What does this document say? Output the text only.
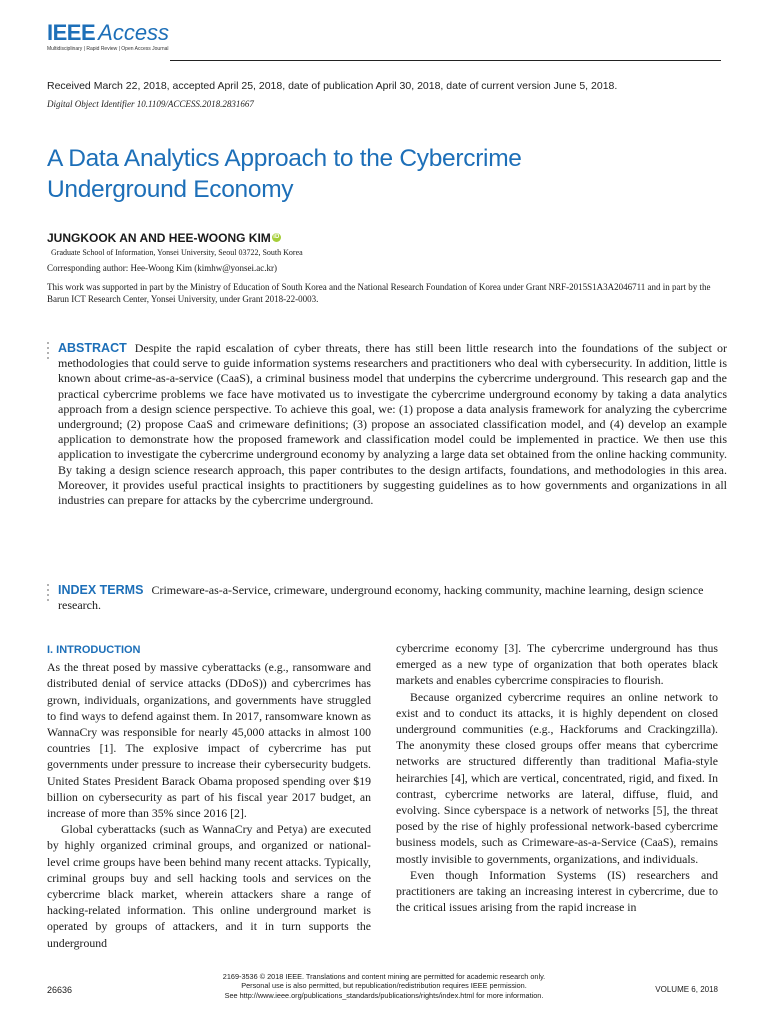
IEEE Access
Multidisciplinary | Rapid Review | Open Access Journal
Received March 22, 2018, accepted April 25, 2018, date of publication April 30, 2018, date of current version June 5, 2018.
Digital Object Identifier 10.1109/ACCESS.2018.2831667
A Data Analytics Approach to the Cybercrime
Underground Economy
JUNGKOOK AN AND HEE-WOONG KIM iD
Graduate School of Information, Yonsei University, Seoul 03722, South Korea
Corresponding author: Hee-Woong Kim (kimhw@yonsei.ac.kr)
This work was supported in part by the Ministry of Education of South Korea and the National Research Foundation of Korea under Grant NRF-2015S1A3A2046711 and in part by the Barun ICT Research Center, Yonsei University, under Grant 2018-22-0003.
ABSTRACT Despite the rapid escalation of cyber threats, there has still been little research into the foundations of the subject or methodologies that could serve to guide information systems researchers and practitioners who deal with cybersecurity. In addition, little is known about crime-as-a-service (CaaS), a criminal business model that underpins the cybercrime underground. This research gap and the practical cybercrime problems we face have motivated us to investigate the cybercrime underground economy by taking a data analytics approach from a design science perspective. To achieve this goal, we: (1) propose a data analysis framework for analyzing the cybercrime underground; (2) propose CaaS and crimeware definitions; (3) propose an associated classification model, and (4) develop an example application to demonstrate how the proposed framework and classification model could be implemented in practice. We then use this application to investigate the cybercrime underground economy by analyzing a large data set obtained from the online hacking community. By taking a design science research approach, this paper contributes to the design artifacts, foundations, and methodologies in this area. Moreover, it provides useful practical insights to practitioners by suggesting guidelines as to how governments and organizations in all industries can prepare for attacks by the cybercrime underground.
INDEX TERMS Crimeware-as-a-Service, crimeware, underground economy, hacking community, machine learning, design science research.
I. INTRODUCTION

As the threat posed by massive cyberattacks (e.g., ransomware and distributed denial of service attacks (DDoS)) and cybercrimes has grown, individuals, organizations, and governments have struggled to find ways to defend against them. In 2017, ransomware known as WannaCry was responsible for nearly 45,000 attacks in almost 100 countries [1]. The explosive impact of cybercrime has put governments under pressure to increase their cybersecurity budgets. United States President Barack Obama proposed spending over $19 billion on cybersecurity as part of his fiscal year 2017 budget, an increase of more than 35% since 2016 [2].

Global cyberattacks (such as WannaCry and Petya) are executed by highly organized criminal groups, and organized or national-level crime groups have been behind many recent attacks. Typically, criminal groups buy and sell hacking tools and services on the cybercrime black market, wherein attackers share a range of hacking-related information. This online underground market is operated by groups of attackers, and it in turn supports the underground

cybercrime economy [3]. The cybercrime underground has thus emerged as a new type of organization that both operates black markets and enables cybercrime conspiracies to flourish.

Because organized cybercrime requires an online network to exist and to conduct its attacks, it is highly dependent on closed underground communities (e.g., Hackforums and Crackingzilla). The anonymity these closed groups offer means that cybercrime networks are structured differently than traditional Mafia-style heirarchies [4], which are vertical, concentrated, rigid, and fixed. In contrast, cybercrime networks are lateral, diffuse, fluid, and evolving. Since cyberspace is a network of networks [5], the threat posed by the rise of highly professional network-based cybercrime business models, such as Crimeware-as-a-Service (CaaS), remains mostly invisible to governments, organizations, and individuals.

Even though Information Systems (IS) researchers and practitioners are taking an increasing interest in cybercrime, due to the critical issues arising from the rapid increase in

26636
2169-3536 © 2018 IEEE. Translations and content mining are permitted for academic research only.
Personal use is also permitted, but republication/redistribution requires IEEE permission.
See http://www.ieee.org/publications_standards/publications/rights/index.html for more information.
VOLUME 6, 2018
